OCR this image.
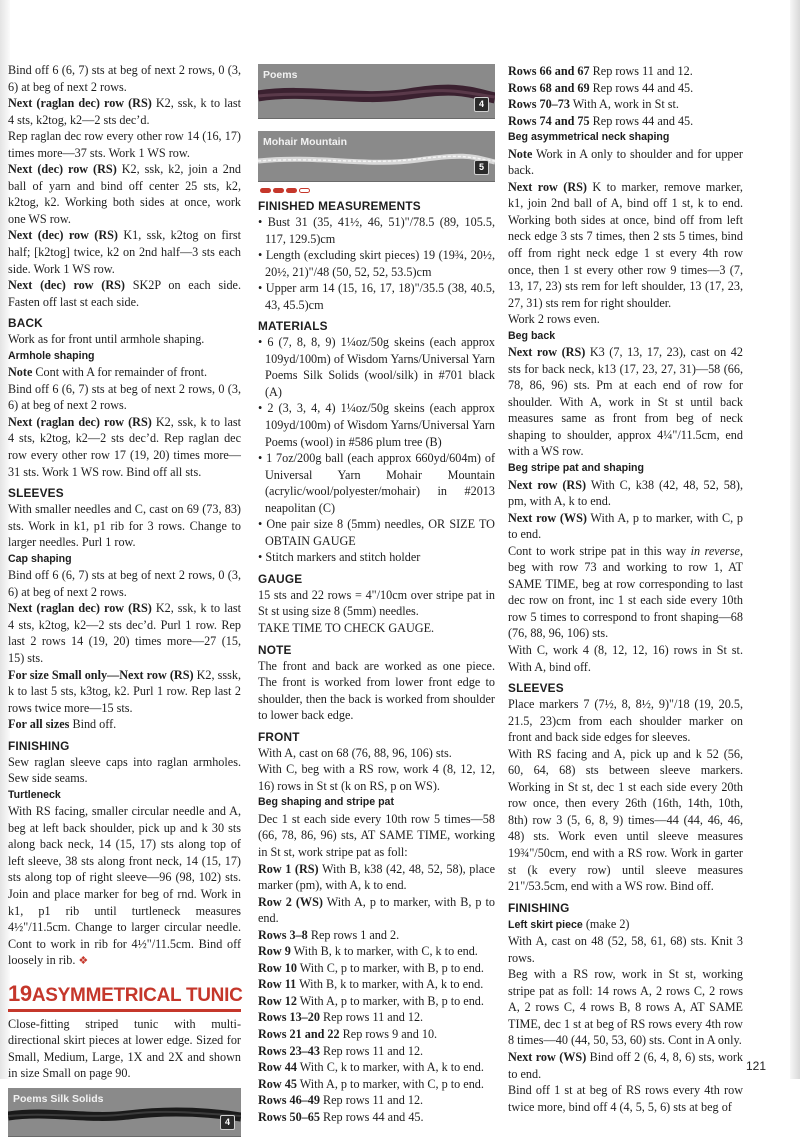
Bind off 6 (6, 7) sts at beg of next 2 rows, 0 (3, 6) at beg of next 2 rows.

Next (raglan dec) row (RS) K2, ssk, k to last 4 sts, k2tog, k2—2 sts dec’d.

Rep raglan dec row every other row 14 (16, 17) times more—37 sts. Work 1 WS row.

Next (dec) row (RS) K2, ssk, k2, join a 2nd ball of yarn and bind off center 25 sts, k2, k2tog, k2. Working both sides at once, work one WS row.

Next (dec) row (RS) K1, ssk, k2tog on first half; [k2tog] twice, k2 on 2nd half—3 sts each side. Work 1 WS row.

Next (dec) row (RS) SK2P on each side. Fasten off last st each side.

BACK

Work as for front until armhole shaping.

Armhole shaping

Note Cont with A for remainder of front.

Bind off 6 (6, 7) sts at beg of next 2 rows, 0 (3, 6) at beg of next 2 rows.

Next (raglan dec) row (RS) K2, ssk, k to last 4 sts, k2tog, k2—2 sts dec’d. Rep raglan dec row every other row 17 (19, 20) times more—31 sts. Work 1 WS row. Bind off all sts.

SLEEVES

With smaller needles and C, cast on 69 (73, 83) sts. Work in k1, p1 rib for 3 rows. Change to larger needles. Purl 1 row.

Cap shaping

Bind off 6 (6, 7) sts at beg of next 2 rows, 0 (3, 6) at beg of next 2 rows.

Next (raglan dec) row (RS) K2, ssk, k to last 4 sts, k2tog, k2—2 sts dec’d. Purl 1 row. Rep last 2 rows 14 (19, 20) times more—27 (15, 15) sts.

For size Small only—Next row (RS) K2, sssk, k to last 5 sts, k3tog, k2. Purl 1 row. Rep last 2 rows twice more—15 sts.

For all sizes Bind off.

FINISHING

Sew raglan sleeve caps into raglan armholes. Sew side seams.

Turtleneck

With RS facing, smaller circular needle and A, beg at left back shoulder, pick up and k 30 sts along back neck, 14 (15, 17) sts along top of left sleeve, 38 sts along front neck, 14 (15, 17) sts along top of right sleeve—96 (98, 102) sts. Join and place marker for beg of rnd. Work in k1, p1 rib until turtleneck measures 4½"/11.5cm. Change to larger circular needle. Cont to work in rib for 4½"/11.5cm. Bind off loosely in rib. ❖

19ASYMMETRICAL TUNIC

Close-fitting striped tunic with multi-directional skirt pieces at lower edge. Sized for Small, Medium, Large, 1X and 2X and shown in size Small on page 90.

Poems Silk Solids
4
Poems
4
Mohair Mountain
5
FINISHED MEASUREMENTS
• Bust 31 (35, 41½, 46, 51)"/78.5 (89, 105.5, 117, 129.5)cm
• Length (excluding skirt pieces) 19 (19¾, 20½, 20½, 21)"/48 (50, 52, 52, 53.5)cm
• Upper arm 14 (15, 16, 17, 18)"/35.5 (38, 40.5, 43, 45.5)cm
MATERIALS
• 6 (7, 8, 8, 9) 1¼oz/50g skeins (each approx 109yd/100m) of Wisdom Yarns/Universal Yarn Poems Silk Solids (wool/silk) in #701 black (A)
• 2 (3, 3, 4, 4) 1¼oz/50g skeins (each approx 109yd/100m) of Wisdom Yarns/Universal Yarn Poems (wool) in #586 plum tree (B)
• 1 7oz/200g ball (each approx 660yd/604m) of Universal Yarn Mohair Mountain (acrylic/wool/polyester/mohair) in #2013 neapolitan (C)
• One pair size 8 (5mm) needles, OR SIZE TO OBTAIN GAUGE
• Stitch markers and stitch holder
GAUGE

15 sts and 22 rows = 4"/10cm over stripe pat in St st using size 8 (5mm) needles.

TAKE TIME TO CHECK GAUGE.

NOTE

The front and back are worked as one piece. The front is worked from lower front edge to shoulder, then the back is worked from shoulder to lower back edge.

FRONT

With A, cast on 68 (76, 88, 96, 106) sts.

With C, beg with a RS row, work 4 (8, 12, 12, 16) rows in St st (k on RS, p on WS).

Beg shaping and stripe pat

Dec 1 st each side every 10th row 5 times—58 (66, 78, 86, 96) sts, AT SAME TIME, working in St st, work stripe pat as foll:

Row 1 (RS) With B, k38 (42, 48, 52, 58), place marker (pm), with A, k to end.

Row 2 (WS) With A, p to marker, with B, p to end.

Rows 3–8 Rep rows 1 and 2.

Row 9 With B, k to marker, with C, k to end.

Row 10 With C, p to marker, with B, p to end.

Row 11 With B, k to marker, with A, k to end.

Row 12 With A, p to marker, with B, p to end.

Rows 13–20 Rep rows 11 and 12.

Rows 21 and 22 Rep rows 9 and 10.

Rows 23–43 Rep rows 11 and 12.

Row 44 With C, k to marker, with A, k to end.

Row 45 With A, p to marker, with C, p to end.

Rows 46–49 Rep rows 11 and 12.

Rows 50–65 Rep rows 44 and 45.

Rows 66 and 67 Rep rows 11 and 12.

Rows 68 and 69 Rep rows 44 and 45.

Rows 70–73 With A, work in St st.

Rows 74 and 75 Rep rows 44 and 45.

Beg asymmetrical neck shaping

Note Work in A only to shoulder and for upper back.

Next row (RS) K to marker, remove marker, k1, join 2nd ball of A, bind off 1 st, k to end. Working both sides at once, bind off from left neck edge 3 sts 7 times, then 2 sts 5 times, bind off from right neck edge 1 st every 4th row once, then 1 st every other row 9 times—3 (7, 13, 17, 23) sts rem for left shoulder, 13 (17, 23, 27, 31) sts rem for right shoulder.

Work 2 rows even.

Beg back

Next row (RS) K3 (7, 13, 17, 23), cast on 42 sts for back neck, k13 (17, 23, 27, 31)—58 (66, 78, 86, 96) sts. Pm at each end of row for shoulder. With A, work in St st until back measures same as front from beg of neck shaping to shoulder, approx 4¼"/11.5cm, end with a WS row.

Beg stripe pat and shaping

Next row (RS) With C, k38 (42, 48, 52, 58), pm, with A, k to end.

Next row (WS) With A, p to marker, with C, p to end.

Cont to work stripe pat in this way in reverse, beg with row 73 and working to row 1, AT SAME TIME, beg at row corresponding to last dec row on front, inc 1 st each side every 10th row 5 times to correspond to front shaping—68 (76, 88, 96, 106) sts.

With C, work 4 (8, 12, 12, 16) rows in St st. With A, bind off.

SLEEVES

Place markers 7 (7½, 8, 8½, 9)"/18 (19, 20.5, 21.5, 23)cm from each shoulder marker on front and back side edges for sleeves.

With RS facing and A, pick up and k 52 (56, 60, 64, 68) sts between sleeve markers. Working in St st, dec 1 st each side every 20th row once, then every 26th (16th, 14th, 10th, 8th) row 3 (5, 6, 8, 9) times—44 (44, 46, 46, 48) sts. Work even until sleeve measures 19¾"/50cm, end with a RS row. Work in garter st (k every row) until sleeve measures 21"/53.5cm, end with a WS row. Bind off.

FINISHING
Left skirt piece (make 2)

With A, cast on 48 (52, 58, 61, 68) sts. Knit 3 rows.

Beg with a RS row, work in St st, working stripe pat as foll: 14 rows A, 2 rows C, 2 rows A, 2 rows C, 4 rows B, 8 rows A, AT SAME TIME, dec 1 st at beg of RS rows every 4th row 8 times—40 (44, 50, 53, 60) sts. Cont in A only.

Next row (WS) Bind off 2 (6, 4, 8, 6) sts, work to end.

Bind off 1 st at beg of RS rows every 4th row twice more, bind off 4 (4, 5, 5, 6) sts at beg of

121
